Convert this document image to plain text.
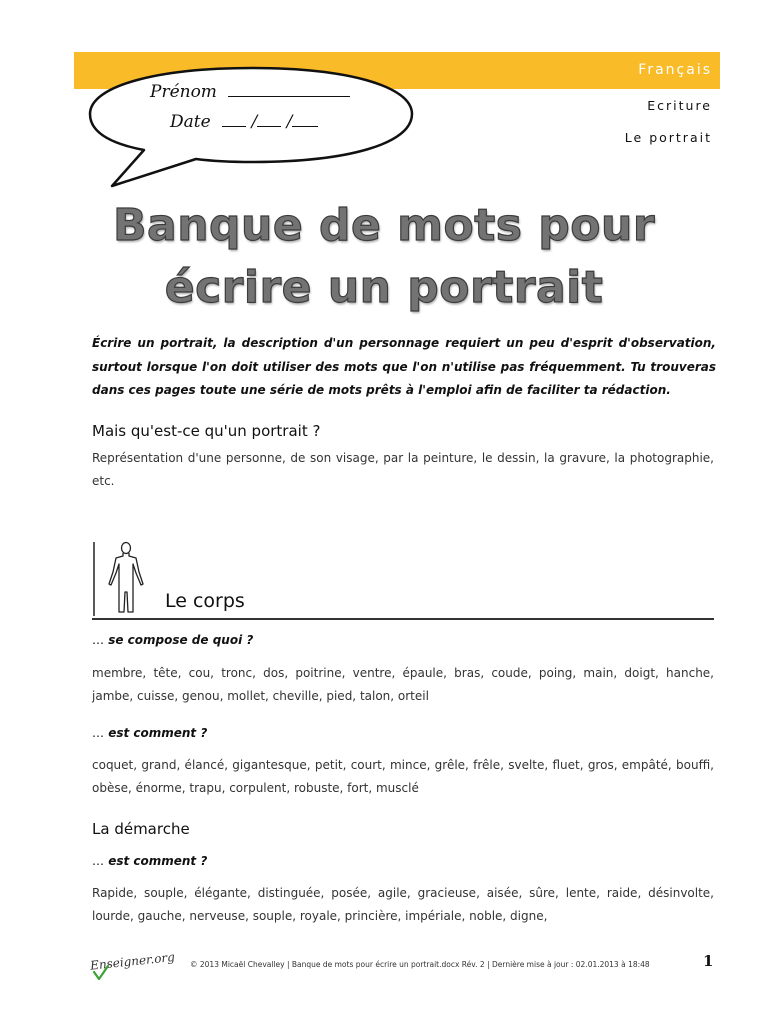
Français
Prénom
Date / /
Ecriture
Le portrait
Banque de mots pour
écrire un portrait
Écrire un portrait, la description d'un personnage requiert un peu d'esprit d'observation, surtout lorsque l'on doit utiliser des mots que l'on n'utilise pas fréquemment. Tu trouveras dans ces pages toute une série de mots prêts à l'emploi afin de faciliter ta rédaction.
Mais qu'est-ce qu'un portrait ?
Représentation d'une personne, de son visage, par la peinture, le dessin, la gravure, la photographie, etc.
Le corps
… se compose de quoi ?
membre, tête, cou, tronc, dos, poitrine, ventre, épaule, bras, coude, poing, main, doigt, hanche, jambe, cuisse, genou, mollet, cheville, pied, talon, orteil
… est comment ?
coquet, grand, élancé, gigantesque, petit, court, mince, grêle, frêle, svelte, fluet, gros, empâté, bouffi, obèse, énorme, trapu, corpulent, robuste, fort, musclé
La démarche
… est comment ?
Rapide, souple, élégante, distinguée, posée, agile, gracieuse, aisée, sûre, lente, raide, désinvolte, lourde, gauche, nerveuse, souple, royale, princière, impériale, noble, digne,
Enseigner.org © 2013 Micaël Chevalley | Banque de mots pour écrire un portrait.docx Rév. 2 | Dernière mise à jour : 02.01.2013 à 18:48	1
